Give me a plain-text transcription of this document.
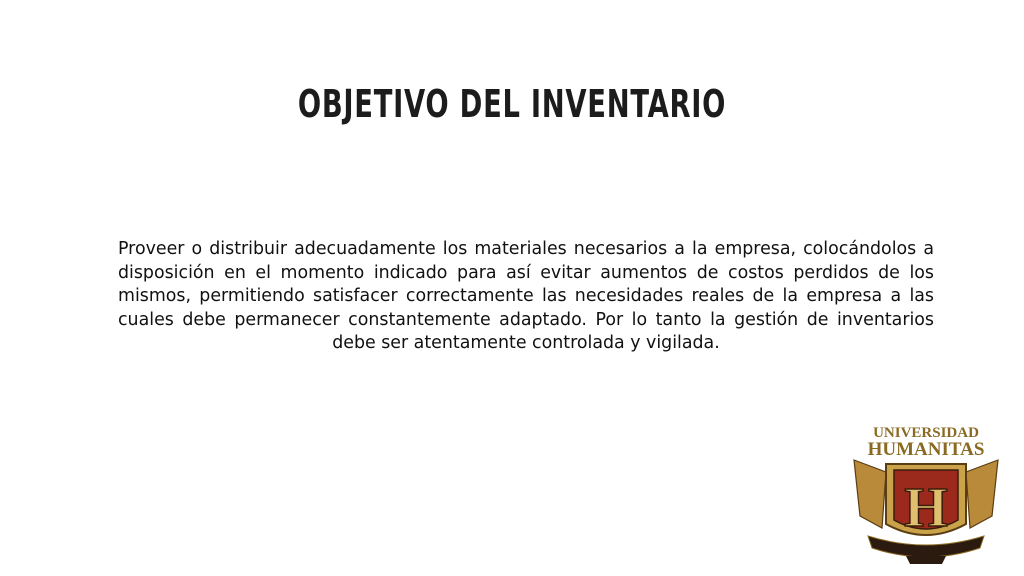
OBJETIVO DEL INVENTARIO
Proveer o distribuir adecuadamente los materiales necesarios a la empresa, colocándolos a disposición en el momento indicado para así evitar aumentos de costos perdidos de los mismos, permitiendo satisfacer correctamente las necesidades reales de la empresa a las cuales debe permanecer constantemente adaptado. Por lo tanto la gestión de inventarios debe ser atentamente controlada y vigilada.
UNIVERSIDAD
HUMANITAS
H
